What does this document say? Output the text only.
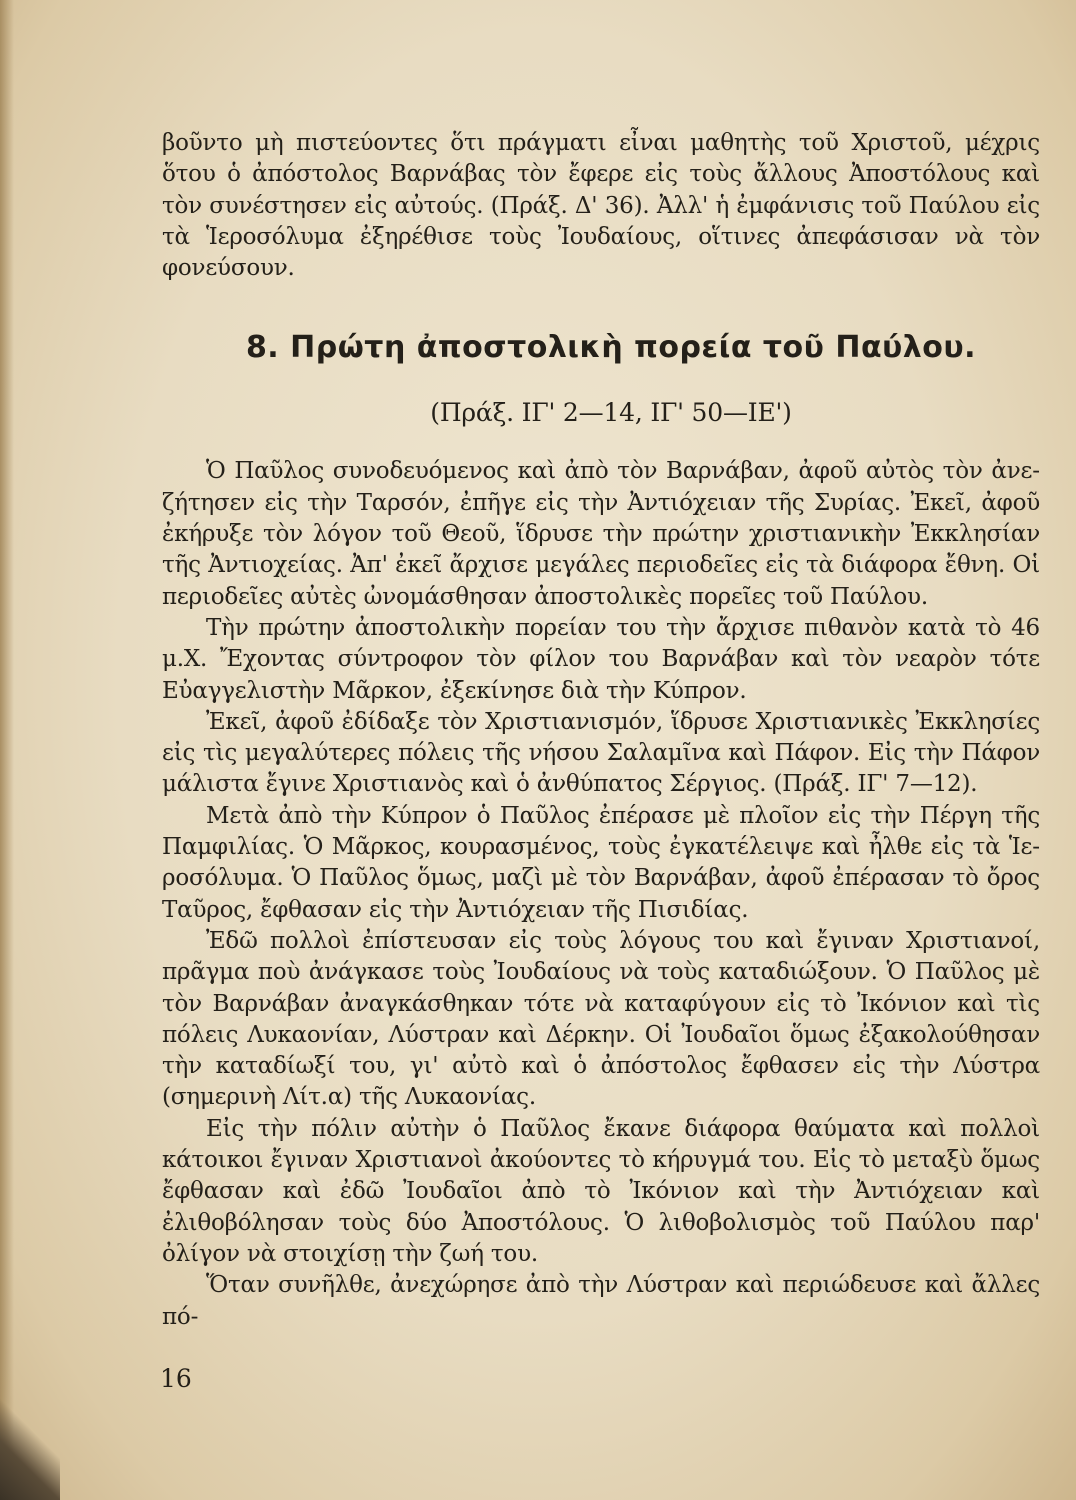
βοῦντο μὴ πιστεύοντες ὅτι πράγματι εἶναι μαθητὴς τοῦ Χριστοῦ, μέχρις ὅτου ὁ ἀπόστολος Βαρνάβας τὸν ἔφερε εἰς τοὺς ἄλλους Ἀποστόλους καὶ τὸν συνέστησεν εἰς αὐτούς. (Πράξ. Δ' 36). Ἀλλ' ἡ ἐμφάνισις τοῦ Παύλου εἰς τὰ Ἱεροσόλυμα ἐξηρέθισε τοὺς Ἰουδαίους, οἵτινες ἀπεφάσισαν νὰ τὸν φονεύσουν.

8. Πρώτη ἀποστολικὴ πορεία τοῦ Παύλου.
(Πράξ. ΙΓ' 2—14, ΙΓ' 50—ΙΕ')

Ὁ Παῦλος συνοδευόμενος καὶ ἀπὸ τὸν Βαρνάβαν, ἀφοῦ αὐτὸς τὸν ἀνεζήτησεν εἰς τὴν Ταρσόν, ἐπῆγε εἰς τὴν Ἀντιόχειαν τῆς Συρίας. Ἐκεῖ, ἀφοῦ ἐκήρυξε τὸν λόγον τοῦ Θεοῦ, ἵδρυσε τὴν πρώτην χριστιανικὴν Ἐκκλησίαν τῆς Ἀντιοχείας. Ἀπ' ἐκεῖ ἄρχισε μεγάλες περιοδεῖες εἰς τὰ διάφορα ἔθνη. Οἱ περιοδεῖες αὐτὲς ὠνομάσθησαν ἀποστολικὲς πορεῖες τοῦ Παύλου.

Τὴν πρώτην ἀποστολικὴν πορείαν του τὴν ἄρχισε πιθανὸν κατὰ τὸ 46 μ.Χ. Ἔχοντας σύντροφον τὸν φίλον του Βαρνάβαν καὶ τὸν νεαρὸν τότε Εὐαγγελιστὴν Μᾶρκον, ἐξεκίνησε διὰ τὴν Κύπρον.

Ἐκεῖ, ἀφοῦ ἐδίδαξε τὸν Χριστιανισμόν, ἵδρυσε Χριστιανικὲς Ἐκκλησίες εἰς τὶς μεγαλύτερες πόλεις τῆς νήσου Σαλαμῖνα καὶ Πάφον. Εἰς τὴν Πάφον μάλιστα ἔγινε Χριστιανὸς καὶ ὁ ἀνθύπατος Σέργιος. (Πράξ. ΙΓ' 7—12).

Μετὰ ἀπὸ τὴν Κύπρον ὁ Παῦλος ἐπέρασε μὲ πλοῖον εἰς τὴν Πέργη τῆς Παμφιλίας. Ὁ Μᾶρκος, κουρασμένος, τοὺς ἐγκατέλειψε καὶ ἦλθε εἰς τὰ Ἱεροσόλυμα. Ὁ Παῦλος ὅμως, μαζὶ μὲ τὸν Βαρνάβαν, ἀφοῦ ἐπέρασαν τὸ ὄρος Ταῦρος, ἔφθασαν εἰς τὴν Ἀντιόχειαν τῆς Πισιδίας.

Ἐδῶ πολλοὶ ἐπίστευσαν εἰς τοὺς λόγους του καὶ ἔγιναν Χριστιανοί, πρᾶγμα ποὺ ἀνάγκασε τοὺς Ἰουδαίους νὰ τοὺς καταδιώξουν. Ὁ Παῦλος μὲ τὸν Βαρνάβαν ἀναγκάσθηκαν τότε νὰ καταφύγουν εἰς τὸ Ἰκόνιον καὶ τὶς πόλεις Λυκαονίαν, Λύστραν καὶ Δέρκην. Οἱ Ἰουδαῖοι ὅμως ἐξακολούθησαν τὴν καταδίωξί του, γι' αὐτὸ καὶ ὁ ἀπόστολος ἔφθασεν εἰς τὴν Λύστρα (σημερινὴ Λίτ.α) τῆς Λυκαονίας.

Εἰς τὴν πόλιν αὐτὴν ὁ Παῦλος ἔκανε διάφορα θαύματα καὶ πολλοὶ κάτοικοι ἔγιναν Χριστιανοὶ ἀκούοντες τὸ κήρυγμά του. Εἰς τὸ μεταξὺ ὅμως ἔφθασαν καὶ ἐδῶ Ἰουδαῖοι ἀπὸ τὸ Ἰκόνιον καὶ τὴν Ἀντιόχειαν καὶ ἐλιθοβόλησαν τοὺς δύο Ἀποστόλους. Ὁ λιθοβολισμὸς τοῦ Παύλου παρ' ὀλίγον νὰ στοιχίσῃ τὴν ζωή του.

Ὅταν συνῆλθε, ἀνεχώρησε ἀπὸ τὴν Λύστραν καὶ περιώδευσε καὶ ἄλλες πό-

16
